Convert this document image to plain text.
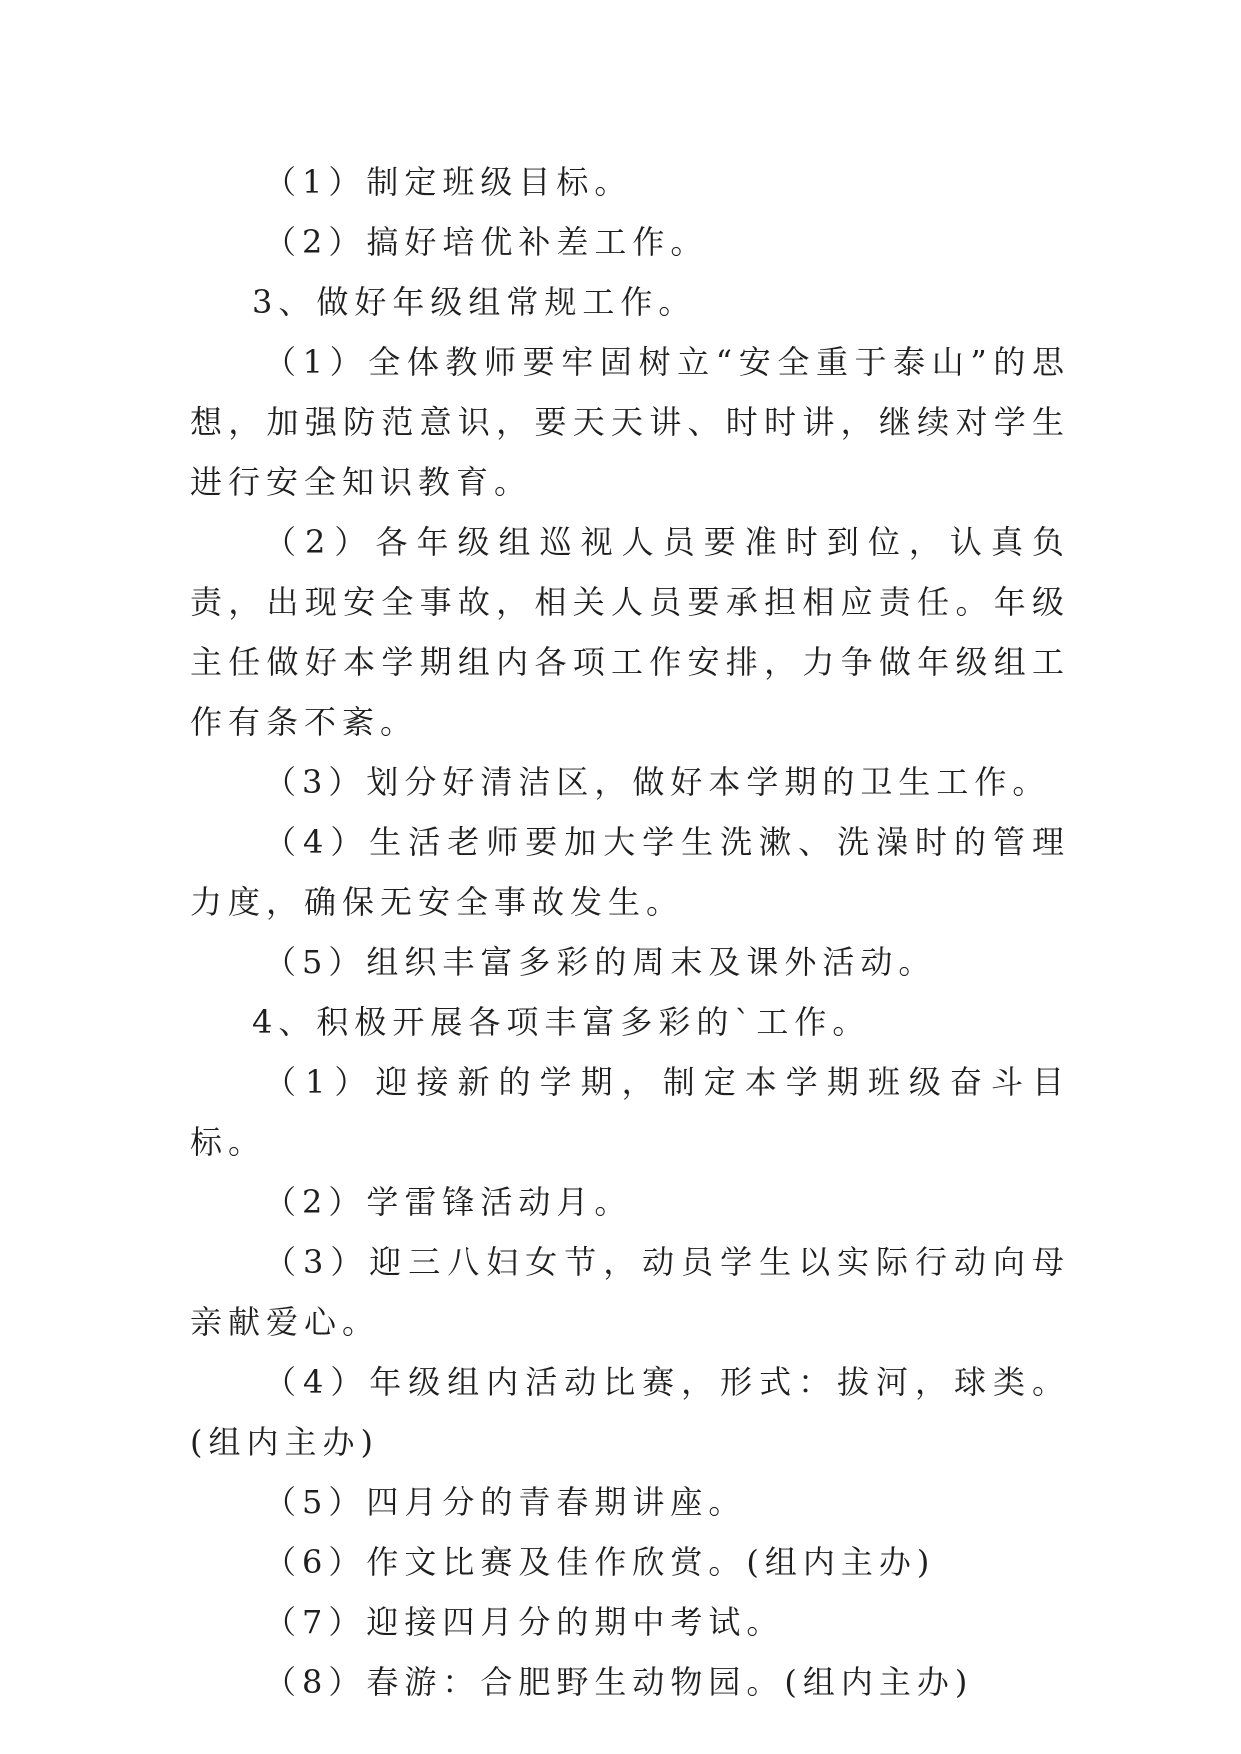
（1）制定班级目标。

（2）搞好培优补差工作。

3、做好年级组常规工作。

（1）全体教师要牢固树立“安全重于泰山”的思想，加强防范意识，要天天讲、时时讲，继续对学生进行安全知识教育。

（2）各年级组巡视人员要准时到位，认真负责，出现安全事故，相关人员要承担相应责任。年级主任做好本学期组内各项工作安排，力争做年级组工作有条不紊。

（3）划分好清洁区，做好本学期的卫生工作。

（4）生活老师要加大学生洗漱、洗澡时的管理力度，确保无安全事故发生。

（5）组织丰富多彩的周末及课外活动。

4、积极开展各项丰富多彩的`工作。

（1）迎接新的学期，制定本学期班级奋斗目标。

（2）学雷锋活动月。

（3）迎三八妇女节，动员学生以实际行动向母亲献爱心。

（4）年级组内活动比赛，形式：拔河，球类。(组内主办)

（5）四月分的青春期讲座。

（6）作文比赛及佳作欣赏。(组内主办)

（7）迎接四月分的期中考试。

（8）春游：合肥野生动物园。(组内主办)
